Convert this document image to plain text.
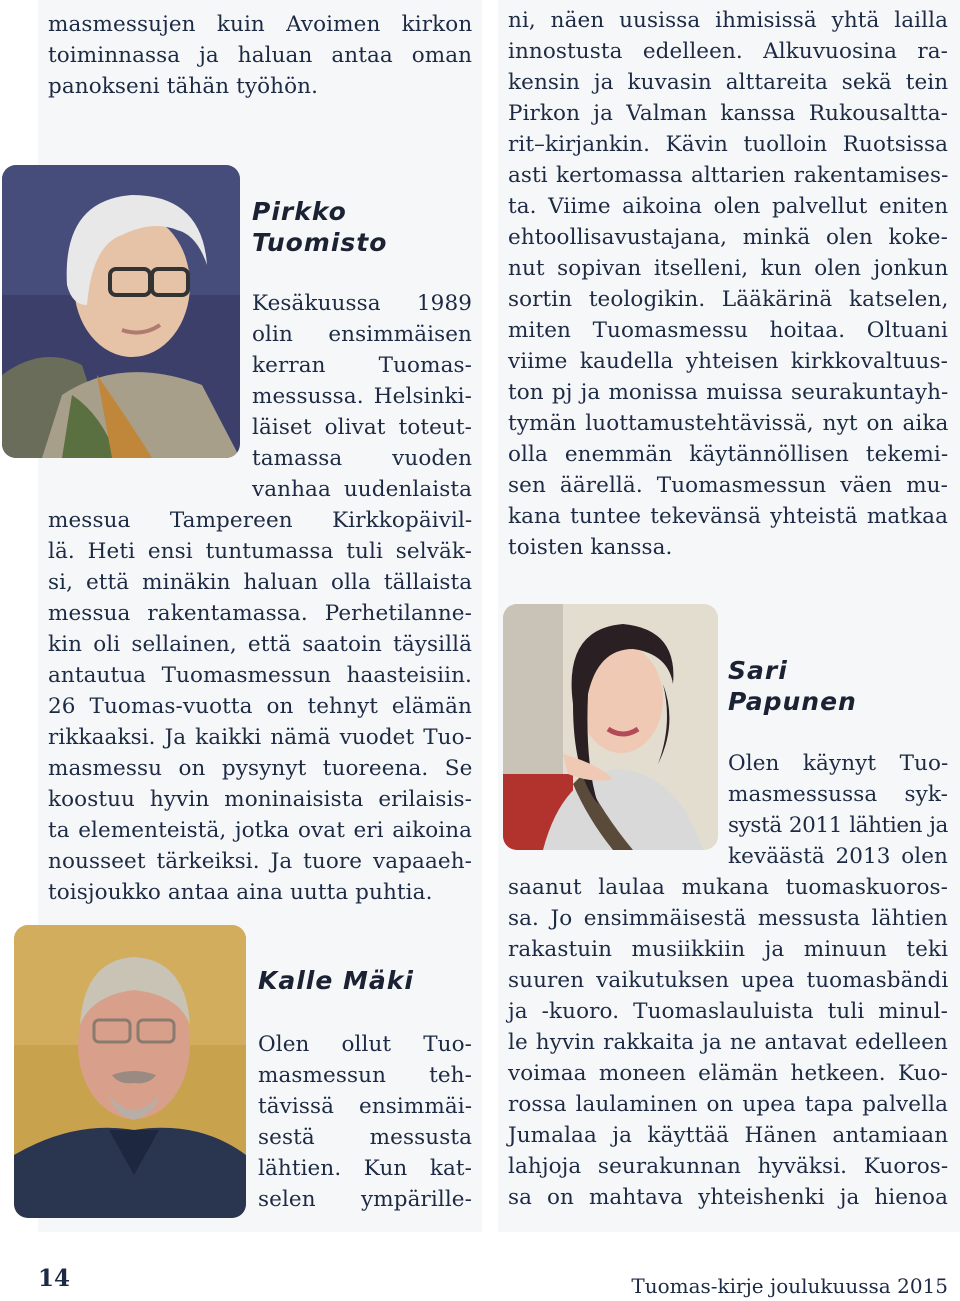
masmessujen kuin Avoimen kirkon
toiminnassa ja haluan antaa oman
panokseni tähän työhön.
Pirkko
Tuomisto
Kesäkuussa 1989
olin ensimmäisen
kerran Tuomas-
messussa. Helsinki-
läiset olivat toteut-
tamassa vuoden
vanhaa uudenlaista
messua Tampereen Kirkkopäivil-
lä. Heti ensi tuntumassa tuli selväk-
si, että minäkin haluan olla tällaista
messua rakentamassa. Perhetilanne-
kin oli sellainen, että saatoin täysillä
antautua Tuomasmessun haasteisiin.
26 Tuomas-vuotta on tehnyt elämän
rikkaaksi. Ja kaikki nämä vuodet Tuo-
masmessu on pysynyt tuoreena. Se
koostuu hyvin moninaisista erilaisis-
ta elementeistä, jotka ovat eri aikoina
nousseet tärkeiksi. Ja tuore vapaaeh-
toisjoukko antaa aina uutta puhtia.
Kalle Mäki
Olen ollut Tuo-
masmessun teh-
tävissä ensimmäi-
sestä messusta
lähtien. Kun kat-
selen ympärille-
ni, näen uusissa ihmisissä yhtä lailla
innostusta edelleen. Alkuvuosina ra-
kensin ja kuvasin alttareita sekä tein
Pirkon ja Valman kanssa Rukousaltta-
rit–kirjankin. Kävin tuolloin Ruotsissa
asti kertomassa alttarien rakentamises-
ta. Viime aikoina olen palvellut eniten
ehtoollisavustajana, minkä olen koke-
nut sopivan itselleni, kun olen jonkun
sortin teologikin. Lääkärinä katselen,
miten Tuomasmessu hoitaa. Oltuani
viime kaudella yhteisen kirkkovaltuus-
ton pj ja monissa muissa seurakuntayh-
tymän luottamustehtävissä, nyt on aika
olla enemmän käytännöllisen tekemi-
sen äärellä. Tuomasmessun väen mu-
kana tuntee tekevänsä yhteistä matkaa
toisten kanssa.
Sari
Papunen
Olen käynyt Tuo-
masmessussa syk-
systä 2011 lähtien ja
keväästä 2013 olen
saanut laulaa mukana tuomaskuoros-
sa. Jo ensimmäisestä messusta lähtien
rakastuin musiikkiin ja minuun teki
suuren vaikutuksen upea tuomasbändi
ja -kuoro. Tuomaslauluista tuli minul-
le hyvin rakkaita ja ne antavat edelleen
voimaa moneen elämän hetkeen. Kuo-
rossa laulaminen on upea tapa palvella
Jumalaa ja käyttää Hänen antamiaan
lahjoja seurakunnan hyväksi. Kuoros-
sa on mahtava yhteishenki ja hienoa
14	Tuomas-kirje joulukuussa 2015
